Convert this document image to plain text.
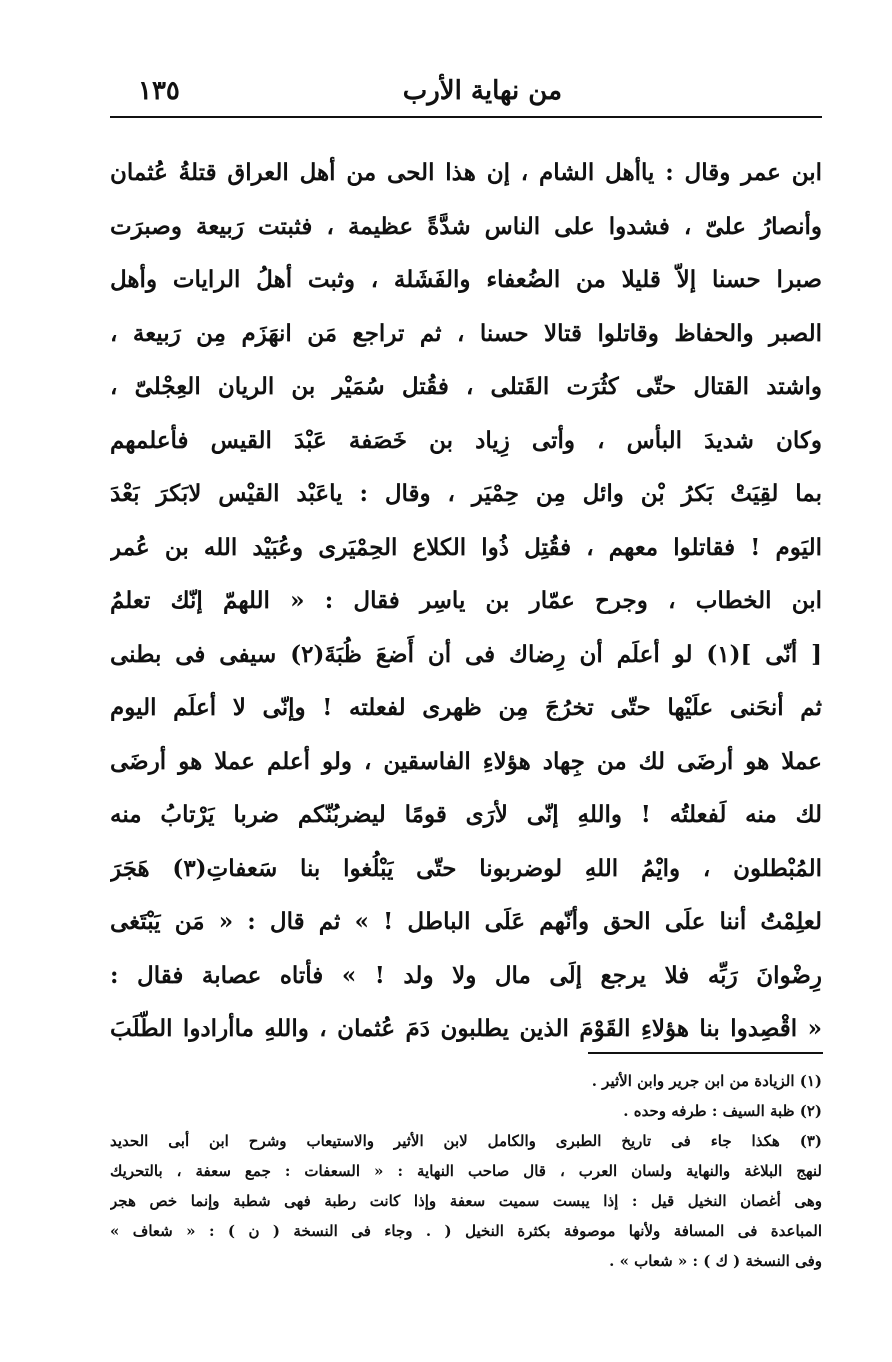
من نهاية الأرب
١٣٥
ابن عمر وقال : ياأهل الشام ، إن هذا الحى من أهل العراق قتلةُ عُثمان
وأنصارُ علىّ ، فشدوا على الناس شدَّةً عظيمة ، فثبتت رَبيعة وصبرَت
صبرا حسنا إلاّ قليلا من الضُعفاء والفَشَلة ، وثبت أهلُ الرايات وأهل
الصبر والحفاظ وقاتلوا قتالا حسنا ، ثم تراجع مَن انهَزَم مِن رَبيعة ،
واشتد القتال حتّى كثُرَت القَتلى ، فقُتل سُمَيْر بن الريان العِجْلىّ ،
وكان شديدَ البأس ، وأتى زِياد بن خَصَفة عَبْدَ القيس فأعلمهم
بما لقِيَتْ بَكرُ بْن وائل مِن حِمْيَر ، وقال : ياعَبْد القيْس لابَكرَ بَعْدَ
اليَوم ! فقاتلوا معهم ، فقُتِل ذُوا الكلاع الحِمْيَرى وعُبَيْد الله بن عُمر
ابن الخطاب ، وجرح عمّار بن ياسِر فقال : « اللهمّ إنّك تعلمُ
[ أنّى ](١) لو أعلَم أن رِضاك فى أن أَضعَ ظُبَةَ(٢) سيفى فى بطنى
ثم أنحَنى علَيْها حتّى تخرُجَ مِن ظهرى لفعلته ! وإنّى لا أعلَم اليوم
عملا هو أرضَى لك من جِهاد هؤلاءِ الفاسقين ، ولو أعلم عملا هو أرضَى
لك منه لَفعلتُه ! واللهِ إنّى لأرَى قومًا ليضربُنّكم ضربا يَرْتابُ منه
المُبْطلون ، وايْمُ اللهِ لوضربونا حتّى يَبْلُغوا بنا سَعفاتِ(٣) هَجَرَ
لعلِمْتُ أننا علَى الحق وأنّهم عَلَى الباطل ! » ثم قال : « مَن يَبْتَغى
رِضْوانَ رَبِّه فلا يرجع إلَى مال ولا ولد ! » فأتاه عصابة فقال :
« اقْصِدوا بنا هؤلاءِ القَوْمَ الذين يطلبون دَمَ عُثمان ، واللهِ ماأرادوا الطّلَبَ
(١) الزيادة من ابن جرير وابن الأثير .
(٢) ظبة السيف : طرفه وحده .
(٣) هكذا جاء فى تاريخ الطبرى والكامل لابن الأثير والاستيعاب وشرح ابن أبى الحديد
لنهج البلاغة والنهاية ولسان العرب ، قال صاحب النهاية : « السعفات : جمع سعفة ، بالتحريك
وهى أغصان النخيل قيل : إذا يبست سميت سعفة وإذا كانت رطبة فهى شطبة وإنما خص هجر
المباعدة فى المسافة ولأنها موصوفة بكثرة النخيل ( . وجاء فى النسخة ( ن ) : « شعاف »
وفى النسخة ( ك ) : « شعاب » .
